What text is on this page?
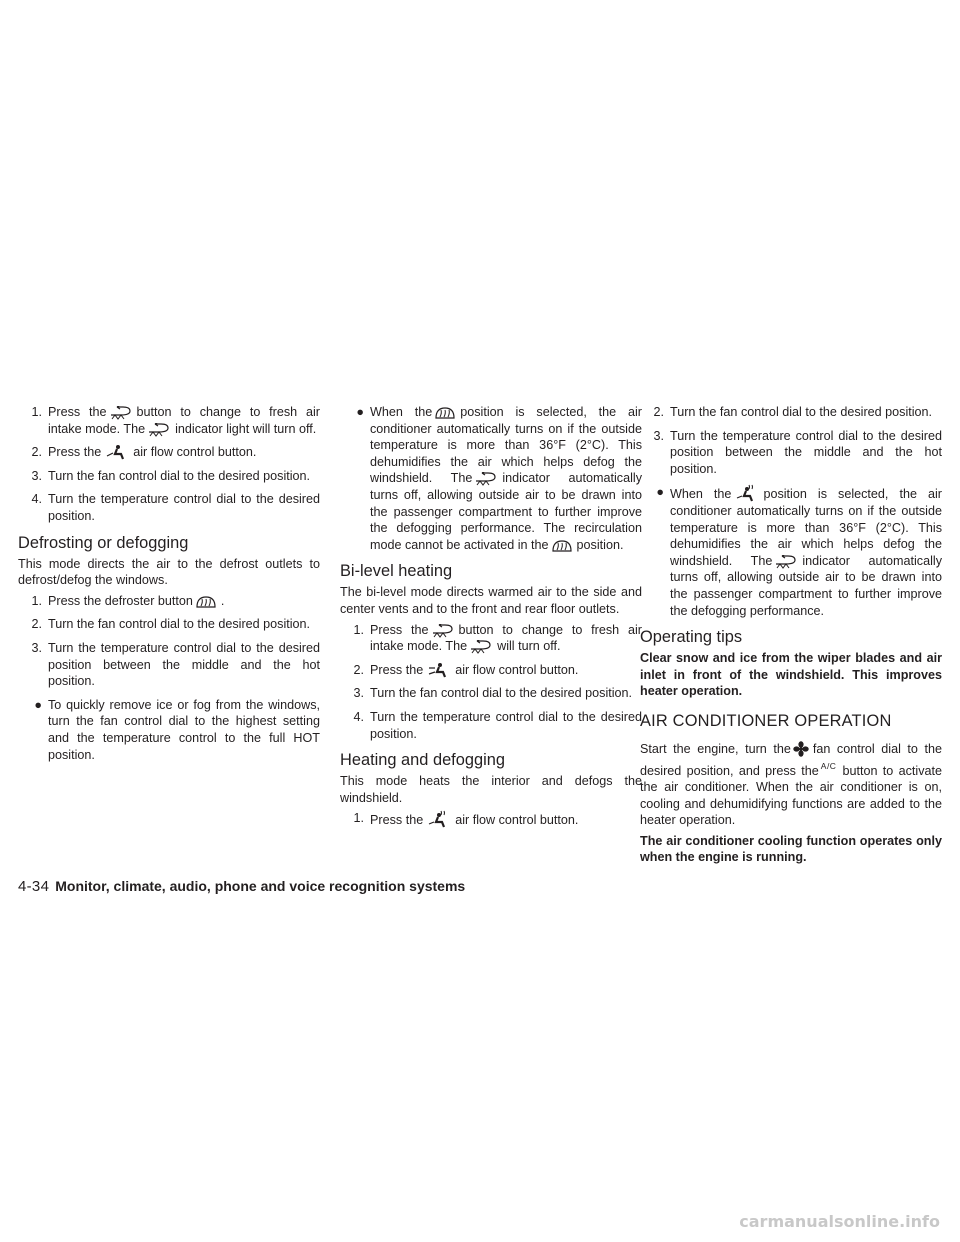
1. Press the button to change to fresh air intake mode. The indicator light will turn off.
2. Press the	air flow control button.
3. Turn the fan control dial to the desired position.
4. Turn the temperature control dial to the desired position.
Defrosting or defogging
This mode directs the air to the defrost outlets to defrost/defog the windows.
1. Press the defroster button .
2. Turn the fan control dial to the desired position.
3. Turn the temperature control dial to the desired position between the middle and the hot position.
● To quickly remove ice or fog from the windows, turn the fan control dial to the highest setting and the temperature control to the full HOT position.
● When the position is selected, the air conditioner automatically turns on if the outside temperature is more than 36°F (2°C). This dehumidifies the air which helps defog the windshield. The indicator automatically turns off, allowing outside air to be drawn into the passenger compartment to further improve the defogging performance. The recirculation mode cannot be activated in the position.
Bi-level heating
The bi-level mode directs warmed air to the side and center vents and to the front and rear floor outlets.
1. Press the button to change to fresh air intake mode. The will turn off.
2. Press the	air flow control button.
3. Turn the fan control dial to the desired position.
4. Turn the temperature control dial to the desired position.
Heating and defogging
This mode heats the interior and defogs the windshield.
1. Press the	air flow control button.
2. Turn the fan control dial to the desired position.
3. Turn the temperature control dial to the desired position between the middle and the hot position.
● When the	position is selected, the air conditioner automatically turns on if the outside temperature is more than 36°F (2°C). This dehumidifies the air which helps defog the windshield. The indicator automatically turns off, allowing outside air to be drawn into the passenger compartment to further improve the defogging performance.
Operating tips
Clear snow and ice from the wiper blades and air inlet in front of the windshield. This improves heater operation.
AIR CONDITIONER OPERATION
Start the engine, turn the fan control dial to the desired position, and press the $^{A/C}$ button to activate the air conditioner. When the air conditioner is on, cooling and dehumidifying functions are added to the heater operation.
The air conditioner cooling function operates only when the engine is running.
4-34 Monitor, climate, audio, phone and voice recognition systems
carmanualsonline.info
